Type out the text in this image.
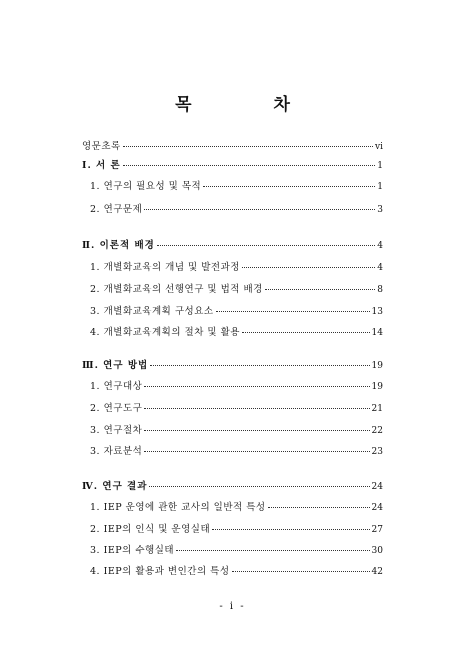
목 차
영문초록	vi
Ⅰ. 서 론	1
1. 연구의 필요성 및 목적	1
2. 연구문제	3
Ⅱ. 이론적 배경	4
1. 개별화교육의 개념 및 발전과정	4
2. 개별화교육의 선행연구 및 법적 배경	8
3. 개별화교육계획 구성요소	13
4. 개별화교육계획의 절차 및 활용	14
Ⅲ. 연구 방법	19
1. 연구대상	19
2. 연구도구	21
3. 연구절차	22
3. 자료분석	23
Ⅳ. 연구 결과	24
1. IEP 운영에 관한 교사의 일반적 특성	24
2. IEP의 인식 및 운영실태	27
3. IEP의 수행실태	30
4. IEP의 활용과 변인간의 특성	42
- i -
